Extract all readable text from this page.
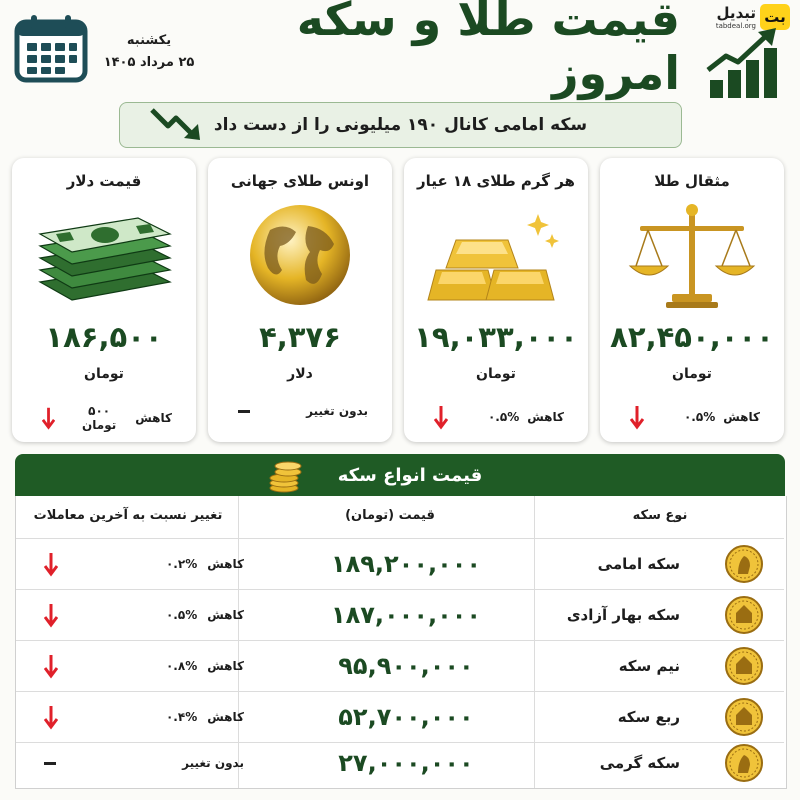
یکشنبه
۲۵ مرداد ۱۴۰۵
قیمت طلا و سکه امروز
بت
تبدیل
tabdeal.org
سکه امامی کانال ۱۹۰ میلیونی را از دست داد
مثقال طلا
۸۲,۴۵۰,۰۰۰
تومان
کاهش
۰.۵%
هر گرم طلای ۱۸ عیار
۱۹,۰۳۳,۰۰۰
تومان
کاهش
۰.۵%
اونس طلای جهانی
۴,۳۷۶
دلار
بدون تغییر
قیمت دلار
۱۸۶,۵۰۰
تومان
کاهش
۵۰۰ تومان
قیمت انواع سکه
نوع سکه
قیمت (تومان)
تغییر نسبت به آخرین معاملات
سکه امامی
۱۸۹,۲۰۰,۰۰۰
کاهش
۰.۲%
سکه بهار آزادی
۱۸۷,۰۰۰,۰۰۰
کاهش
۰.۵%
نیم سکه
۹۵,۹۰۰,۰۰۰
کاهش
۰.۸%
ربع سکه
۵۲,۷۰۰,۰۰۰
کاهش
۰.۴%
سکه گرمی
۲۷,۰۰۰,۰۰۰
بدون تغییر
